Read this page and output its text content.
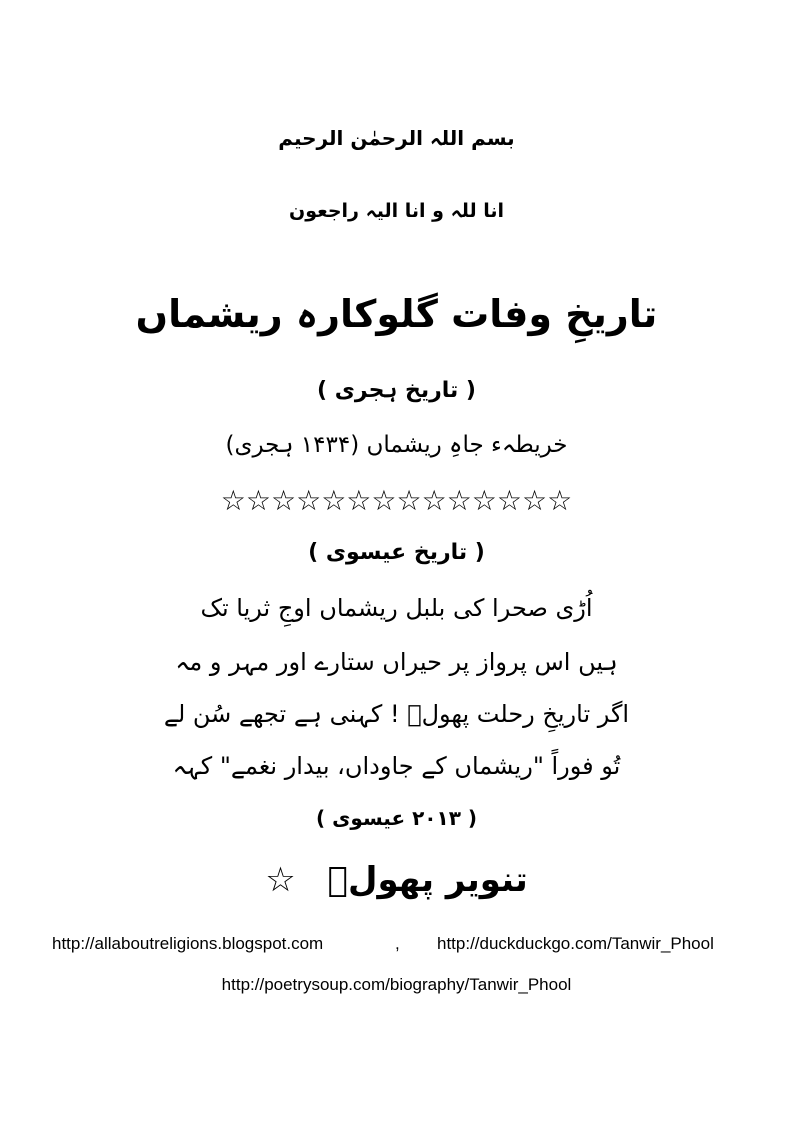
بسم اللہ الرحمٰن الرحیم
انا للہ و انا الیہ راجعون
تاریخِ وفات گلوکارہ ریشماں
( تاریخ ہجری )
خریطہء جاہِ ریشماں (۱۴۳۴ ہجری)
☆☆☆☆☆☆☆☆☆☆☆☆☆☆
( تاریخ عیسوی )
اُڑی صحرا کی بلبل ریشماں اوجِ ثریا تک
ہیں اس پرواز پر حیراں ستارے اور مہر و مہ
اگر تاریخِ رحلت پھولؔ ! کہنی ہے تجھے سُن لے
تُو فوراً "ریشماں کے جاوداں، بیدار نغمے" کہہ
( ۲۰۱۳ عیسوی )
تنویر پھولؔ ☆
http://allaboutreligions.blogspot.com	, http://duckduckgo.com/Tanwir_Phool
http://poetrysoup.com/biography/Tanwir_Phool
